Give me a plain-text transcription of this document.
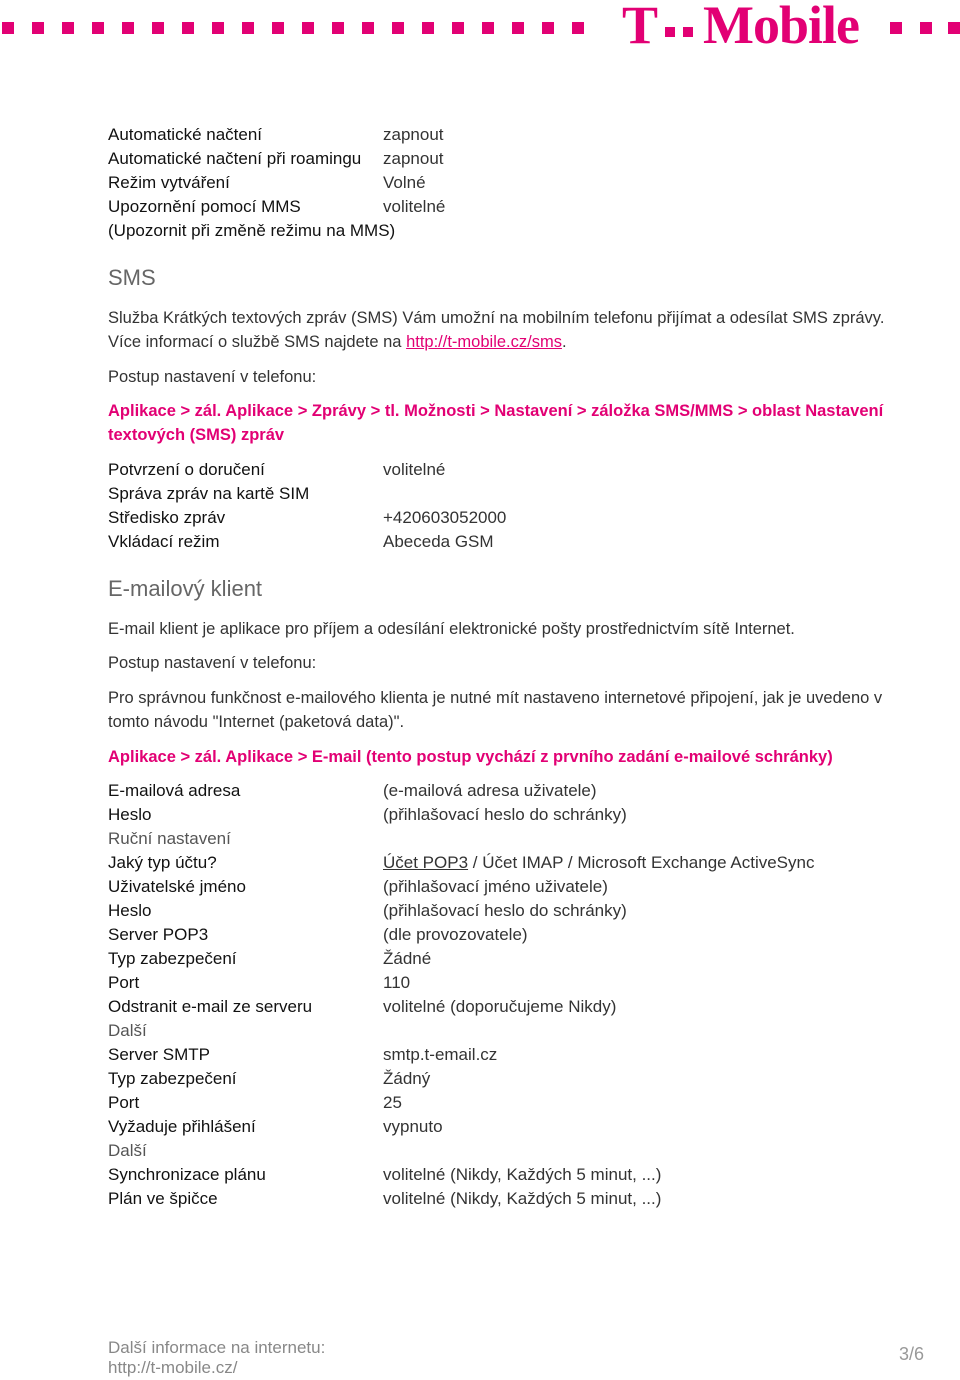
T Mobile
Automatické načtení	zapnout
Automatické načtení při roamingu zapnout
Režim vytváření	Volné
Upozornění pomocí MMS	volitelné
(Upozornit při změně režimu na MMS)
SMS
Služba Krátkých textových zpráv (SMS) Vám umožní na mobilním telefonu přijímat a odesílat SMS zprávy. Více informací o službě SMS najdete na http://t-mobile.cz/sms.
Postup nastavení v telefonu:
Aplikace > zál. Aplikace > Zprávy > tl. Možnosti > Nastavení > záložka SMS/MMS > oblast Nastavení textových (SMS) zpráv
Potvrzení o doručení	volitelné
Správa zpráv na kartě SIM
Středisko zpráv	+420603052000
Vkládací režim	Abeceda GSM
E-mailový klient
E-mail klient je aplikace pro příjem a odesílání elektronické pošty prostřednictvím sítě Internet.
Postup nastavení v telefonu:
Pro správnou funkčnost e-mailového klienta je nutné mít nastaveno internetové připojení, jak je uvedeno v tomto návodu "Internet (paketová data)".
Aplikace > zál. Aplikace > E-mail (tento postup vychází z prvního zadání e-mailové schránky)
E-mailová adresa	(e-mailová adresa uživatele)
Heslo	(přihlašovací heslo do schránky)
Ruční nastavení
Jaký typ účtu?	Účet POP3 / Účet IMAP / Microsoft Exchange ActiveSync
Uživatelské jméno	(přihlašovací jméno uživatele)
Heslo	(přihlašovací heslo do schránky)
Server POP3	(dle provozovatele)
Typ zabezpečení	Žádné
Port	110
Odstranit e-mail ze serveru	volitelné (doporučujeme Nikdy)
Další
Server SMTP	smtp.t-email.cz
Typ zabezpečení	Žádný
Port	25
Vyžaduje přihlášení	vypnuto
Další
Synchronizace plánu	volitelné (Nikdy, Každých 5 minut, ...)
Plán ve špičce	volitelné (Nikdy, Každých 5 minut, ...)
Další informace na internetu:
http://t-mobile.cz/
3/6
